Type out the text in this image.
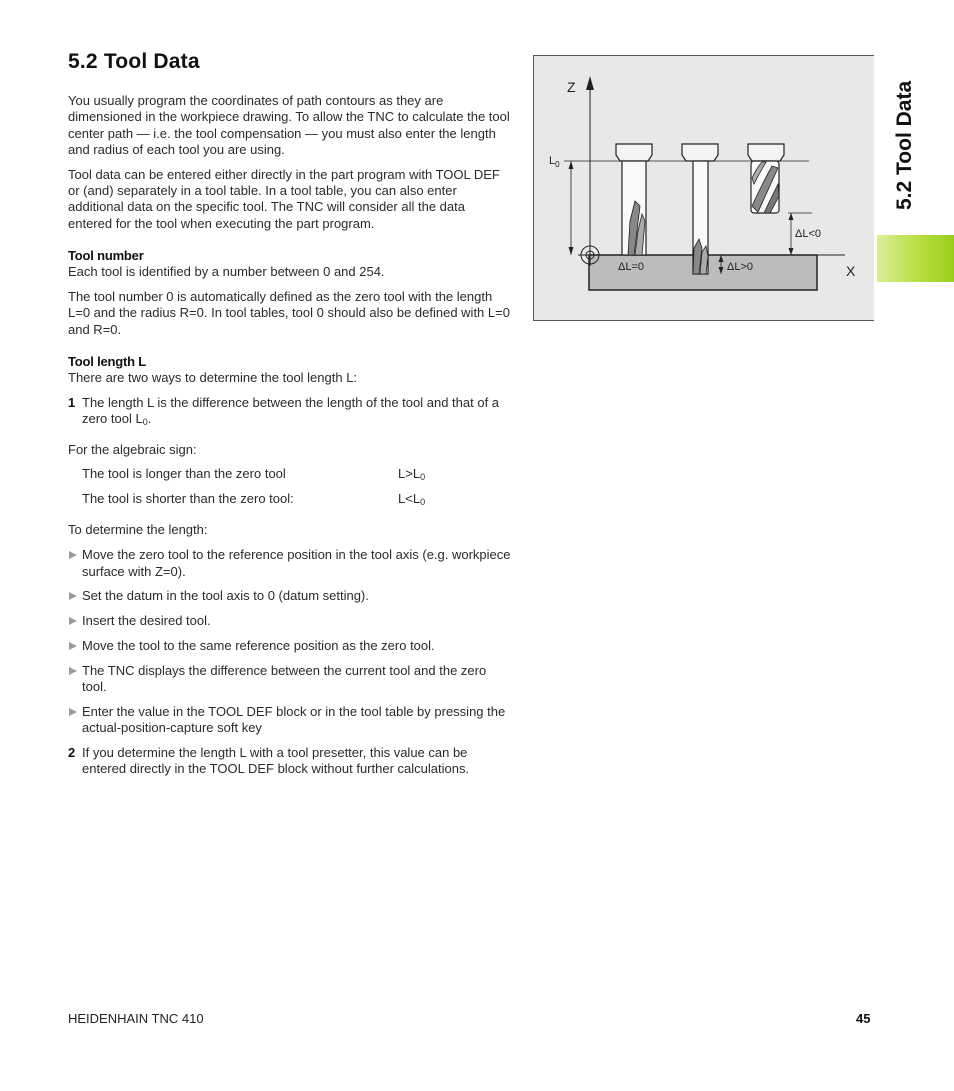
5.2 Tool Data

You usually program the coordinates of path contours as they are dimensioned in the workpiece drawing. To allow the TNC to calculate the tool center path — i.e. the tool compensation — you must also enter the length and radius of each tool you are using.

Tool data can be entered either directly in the part program with TOOL DEF or (and) separately in a tool table. In a tool table, you can also enter additional data on the specific tool. The TNC will consider all the data entered for the tool when executing the part program.

Tool number

Each tool is identified by a number between 0 and 254.

The tool number 0 is automatically defined as the zero tool with the length L=0 and the radius R=0. In tool tables, tool 0 should also be defined with L=0 and R=0.

Tool length L

There are two ways to determine the tool length L:

1 The length L is the difference between the length of the tool and that of a zero tool $L_0$.

For the algebraic sign:

The tool is longer than the zero tool	$L>L_0$
The tool is shorter than the zero tool:	$L<L_0$

To determine the length:

Move the zero tool to the reference position in the tool axis (e.g. workpiece surface with Z=0).

Set the datum in the tool axis to 0 (datum setting).

Insert the desired tool.

Move the tool to the same reference position as the zero tool.

The TNC displays the difference between the current tool and the zero tool.

Enter the value in the TOOL DEF block or in the tool table by pressing the actual-position-capture soft key

2 If you determine the length L with a tool presetter, this value can be entered directly in the TOOL DEF block without further calculations.

5.2 Tool Data
Z
X
$L_0$
ΔL=0	ΔL>0
ΔL<0
HEIDENHAIN TNC 410	45
